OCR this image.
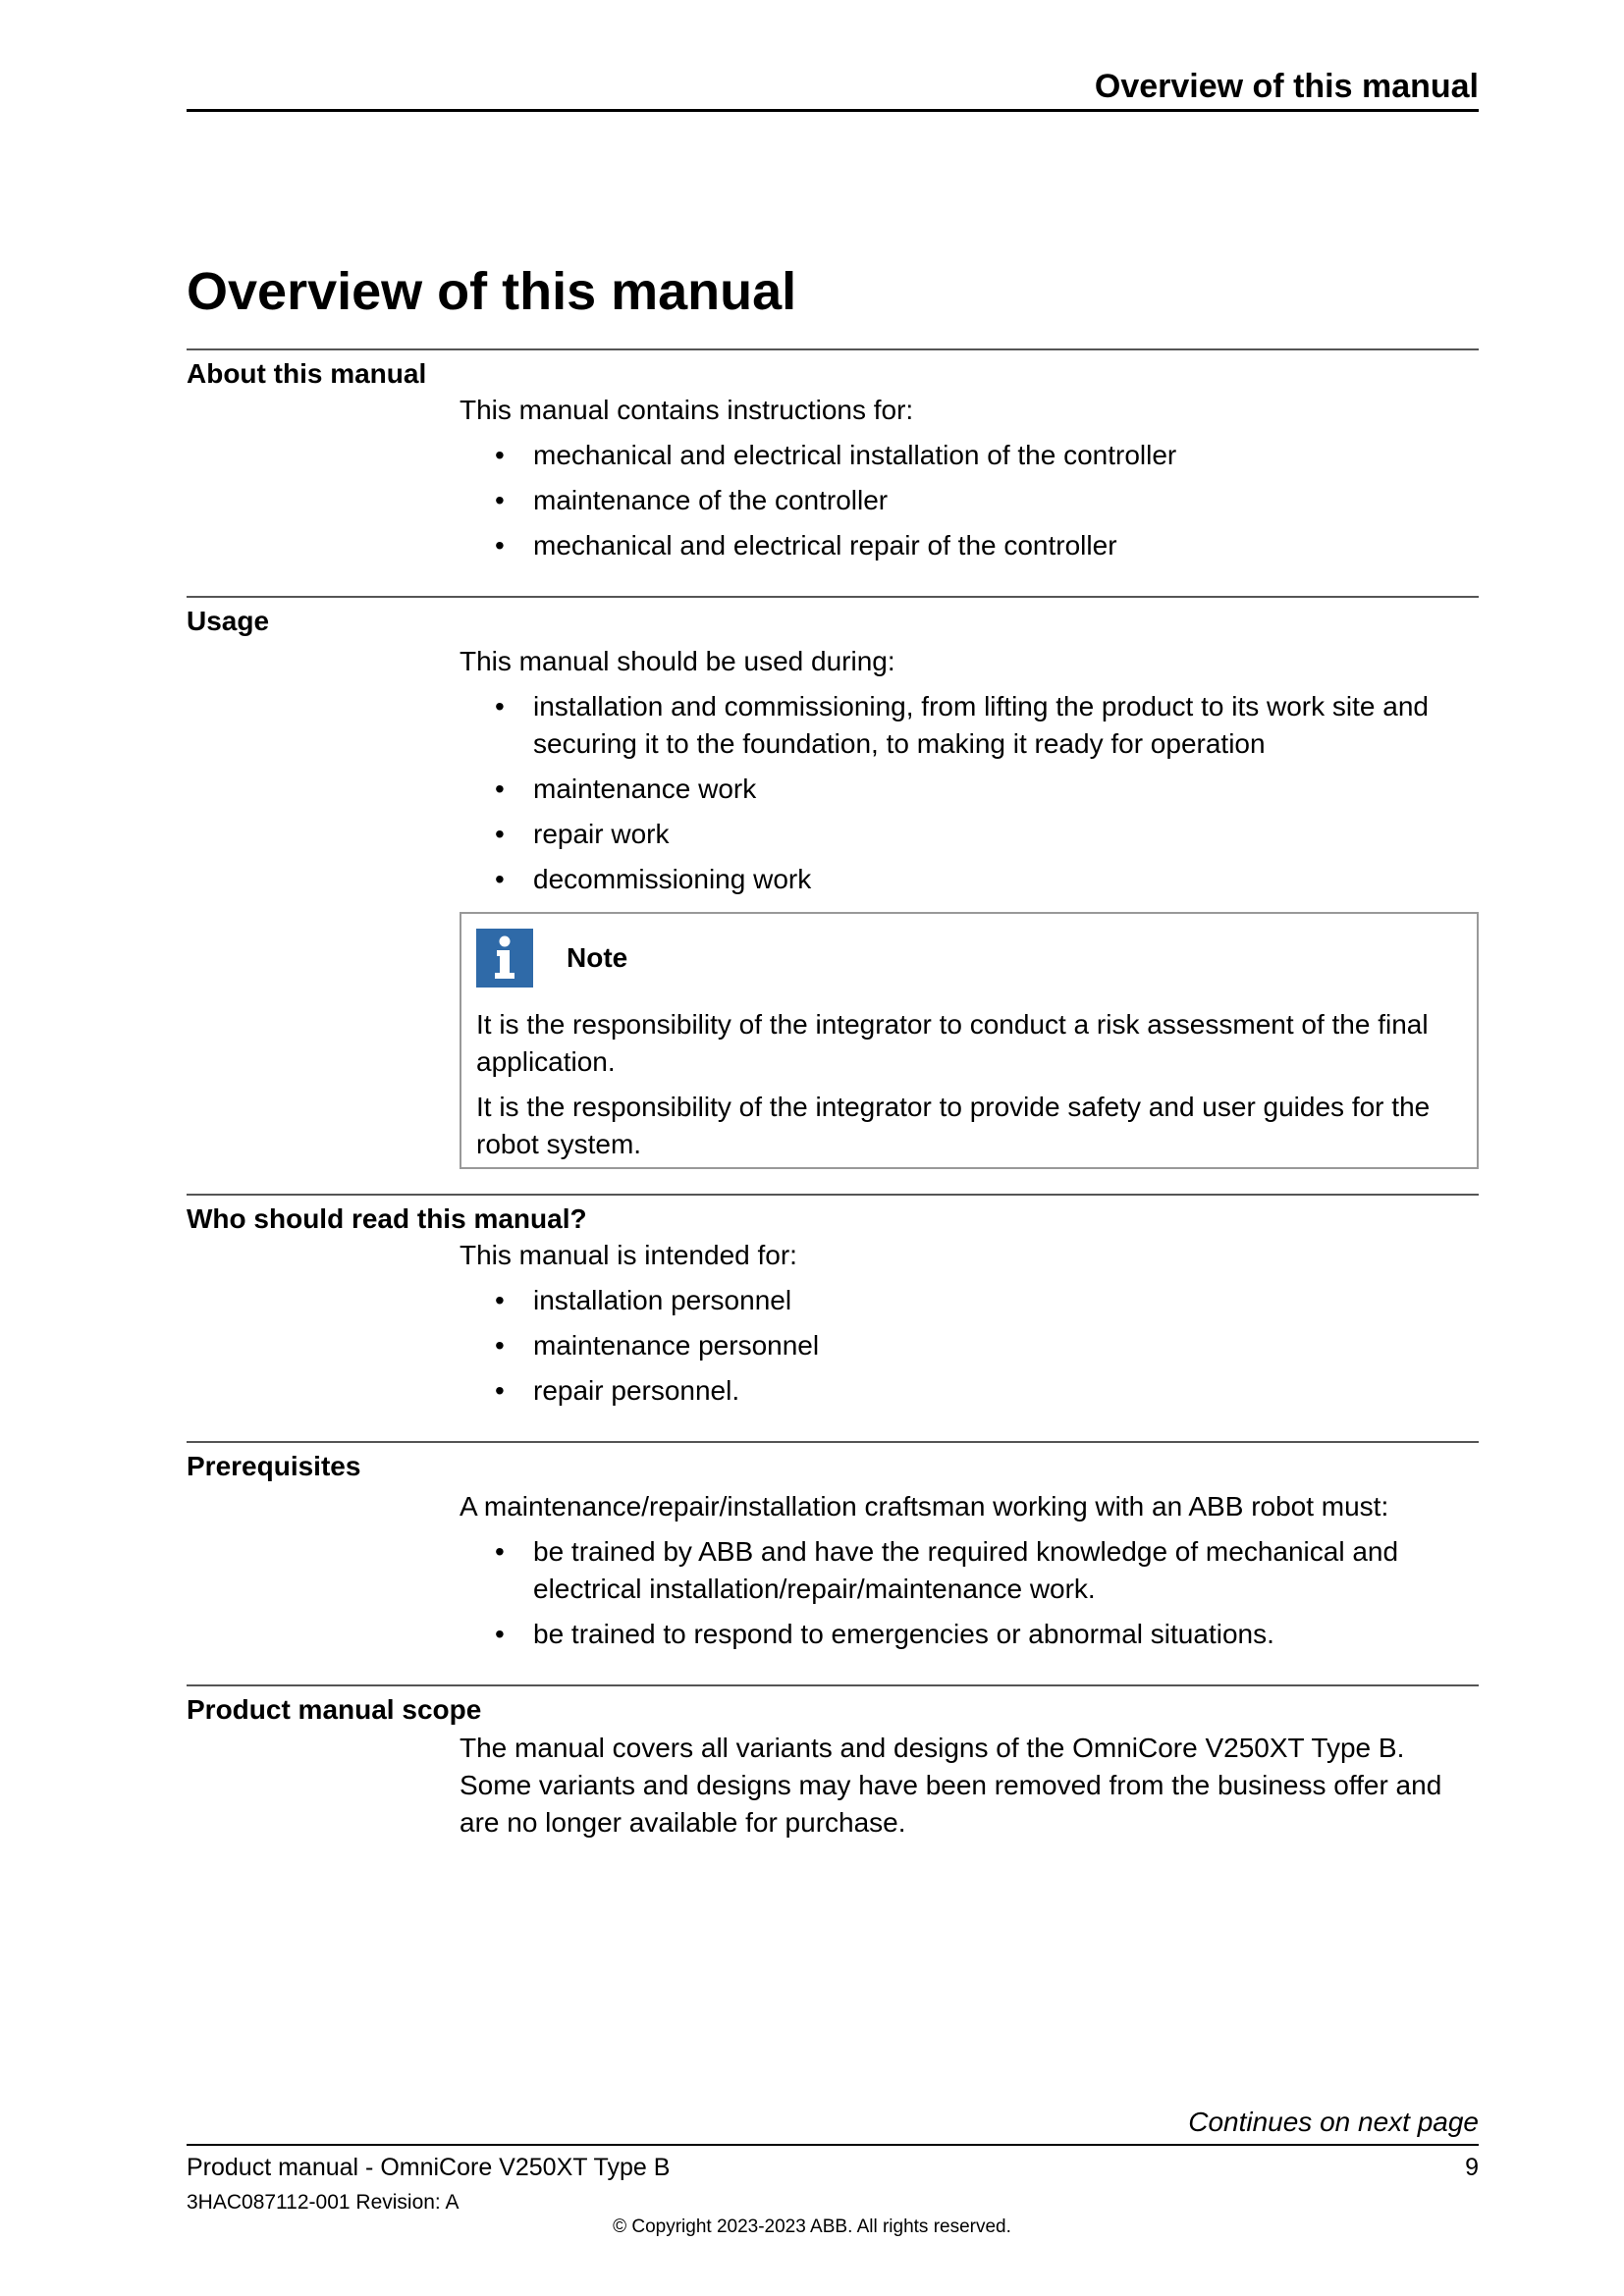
Overview of this manual
Overview of this manual
About this manual

This manual contains instructions for:

• mechanical and electrical installation of the controller
• maintenance of the controller
• mechanical and electrical repair of the controller
Usage

This manual should be used during:

• installation and commissioning, from lifting the product to its work site and securing it to the foundation, to making it ready for operation
• maintenance work
• repair work
• decommissioning work
Note

It is the responsibility of the integrator to conduct a risk assessment of the final application.

It is the responsibility of the integrator to provide safety and user guides for the robot system.

Who should read this manual?

This manual is intended for:

• installation personnel
• maintenance personnel
• repair personnel.
Prerequisites

A maintenance/repair/installation craftsman working with an ABB robot must:

• be trained by ABB and have the required knowledge of mechanical and electrical installation/repair/maintenance work.
• be trained to respond to emergencies or abnormal situations.
Product manual scope

The manual covers all variants and designs of the OmniCore V250XT Type B. Some variants and designs may have been removed from the business offer and are no longer available for purchase.

Continues on next page
Product manual - OmniCore V250XT Type B	9
3HAC087112-001 Revision: A
© Copyright 2023-2023 ABB. All rights reserved.
